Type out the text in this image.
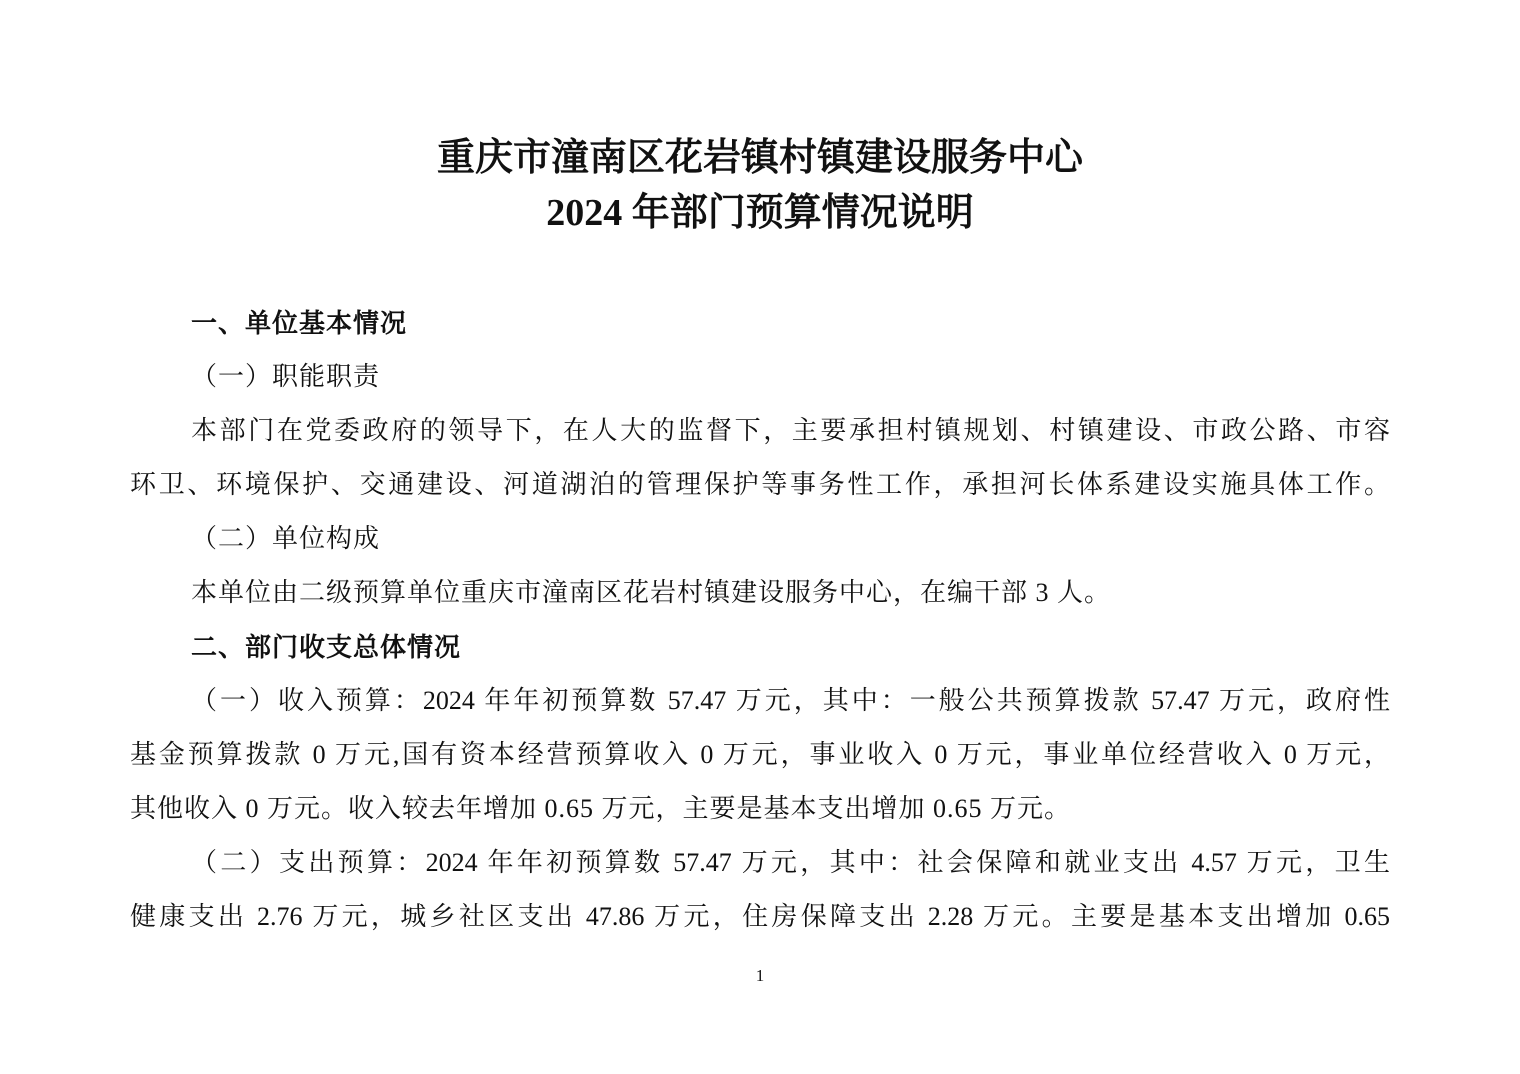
重庆市潼南区花岩镇村镇建设服务中心
2024 年部门预算情况说明
一、单位基本情况
（一）职能职责
本部门在党委政府的领导下，在人大的监督下，主要承担村镇规划、村镇建设、市政公路、市容
环卫、环境保护、交通建设、河道湖泊的管理保护等事务性工作，承担河长体系建设实施具体工作。
（二）单位构成
本单位由二级预算单位重庆市潼南区花岩村镇建设服务中心，在编干部 3 人。
二、部门收支总体情况
（一）收入预算：2024 年年初预算数 57.47 万元，其中：一般公共预算拨款 57.47 万元，政府性
基金预算拨款 0 万元,国有资本经营预算收入 0 万元，事业收入 0 万元，事业单位经营收入 0 万元，
其他收入 0 万元。收入较去年增加 0.65 万元，主要是基本支出增加 0.65 万元。
（二）支出预算：2024 年年初预算数 57.47 万元，其中：社会保障和就业支出 4.57 万元，卫生
健康支出 2.76 万元，城乡社区支出 47.86 万元，住房保障支出 2.28 万元。主要是基本支出增加 0.65
1
